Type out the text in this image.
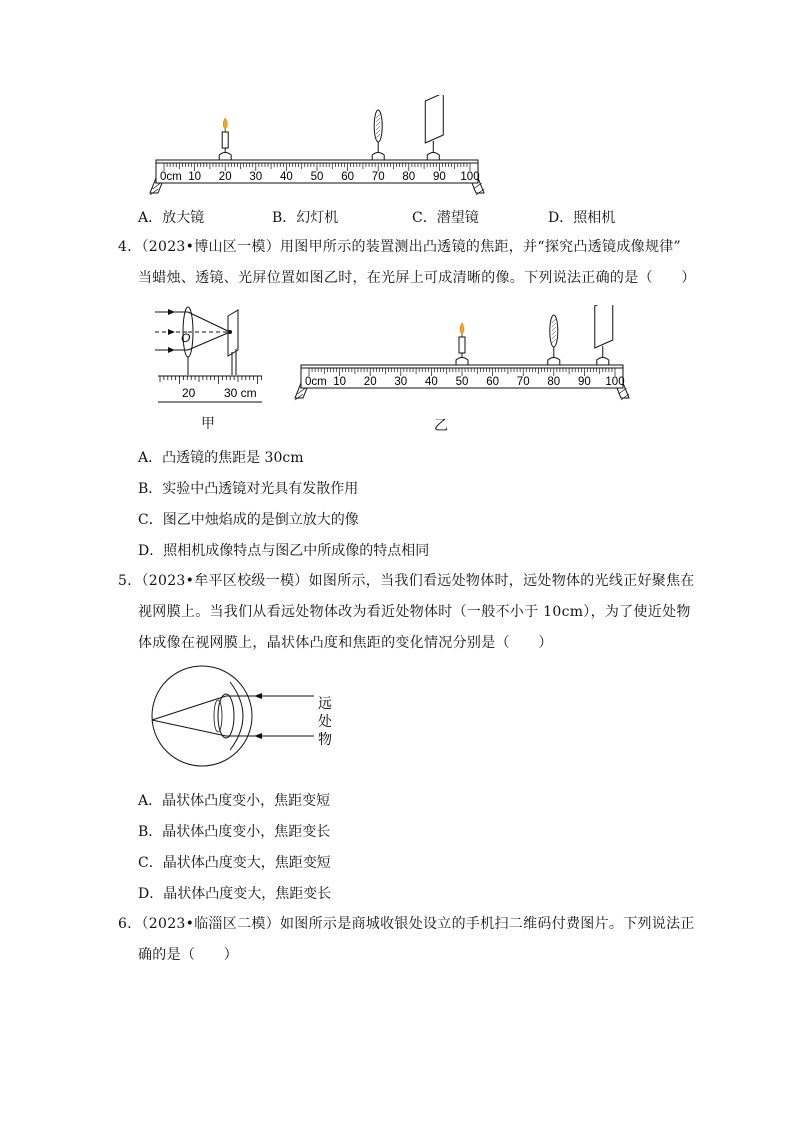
0cm 10 20 30 40 50 60 70 80 90 100
A．放大镜	B．幻灯机	C．潜望镜	D．照相机
4．（2023•博山区一模）用图甲所示的装置测出凸透镜的焦距，并“探究凸透镜成像规律”
当蜡烛、透镜、光屏位置如图乙时，在光屏上可成清晰的像。下列说法正确的是（　　）
O
20 30 cm
甲
0cm 10 20 30 40 50 60 70 80 90 100
乙
A．凸透镜的焦距是 30cm
B．实验中凸透镜对光具有发散作用
C．图乙中烛焰成的是倒立放大的像
D．照相机成像特点与图乙中所成像的特点相同
5．（2023•牟平区校级一模）如图所示，当我们看远处物体时，远处物体的光线正好聚焦在
视网膜上。当我们从看远处物体改为看近处物体时（一般不小于 10cm），为了使近处物
体成像在视网膜上，晶状体凸度和焦距的变化情况分别是（　　）
远
处
物
A．晶状体凸度变小，焦距变短
B．晶状体凸度变小，焦距变长
C．晶状体凸度变大，焦距变短
D．晶状体凸度变大，焦距变长
6．（2023•临淄区二模）如图所示是商城收银处设立的手机扫二维码付费图片。下列说法正
确的是（　　）
